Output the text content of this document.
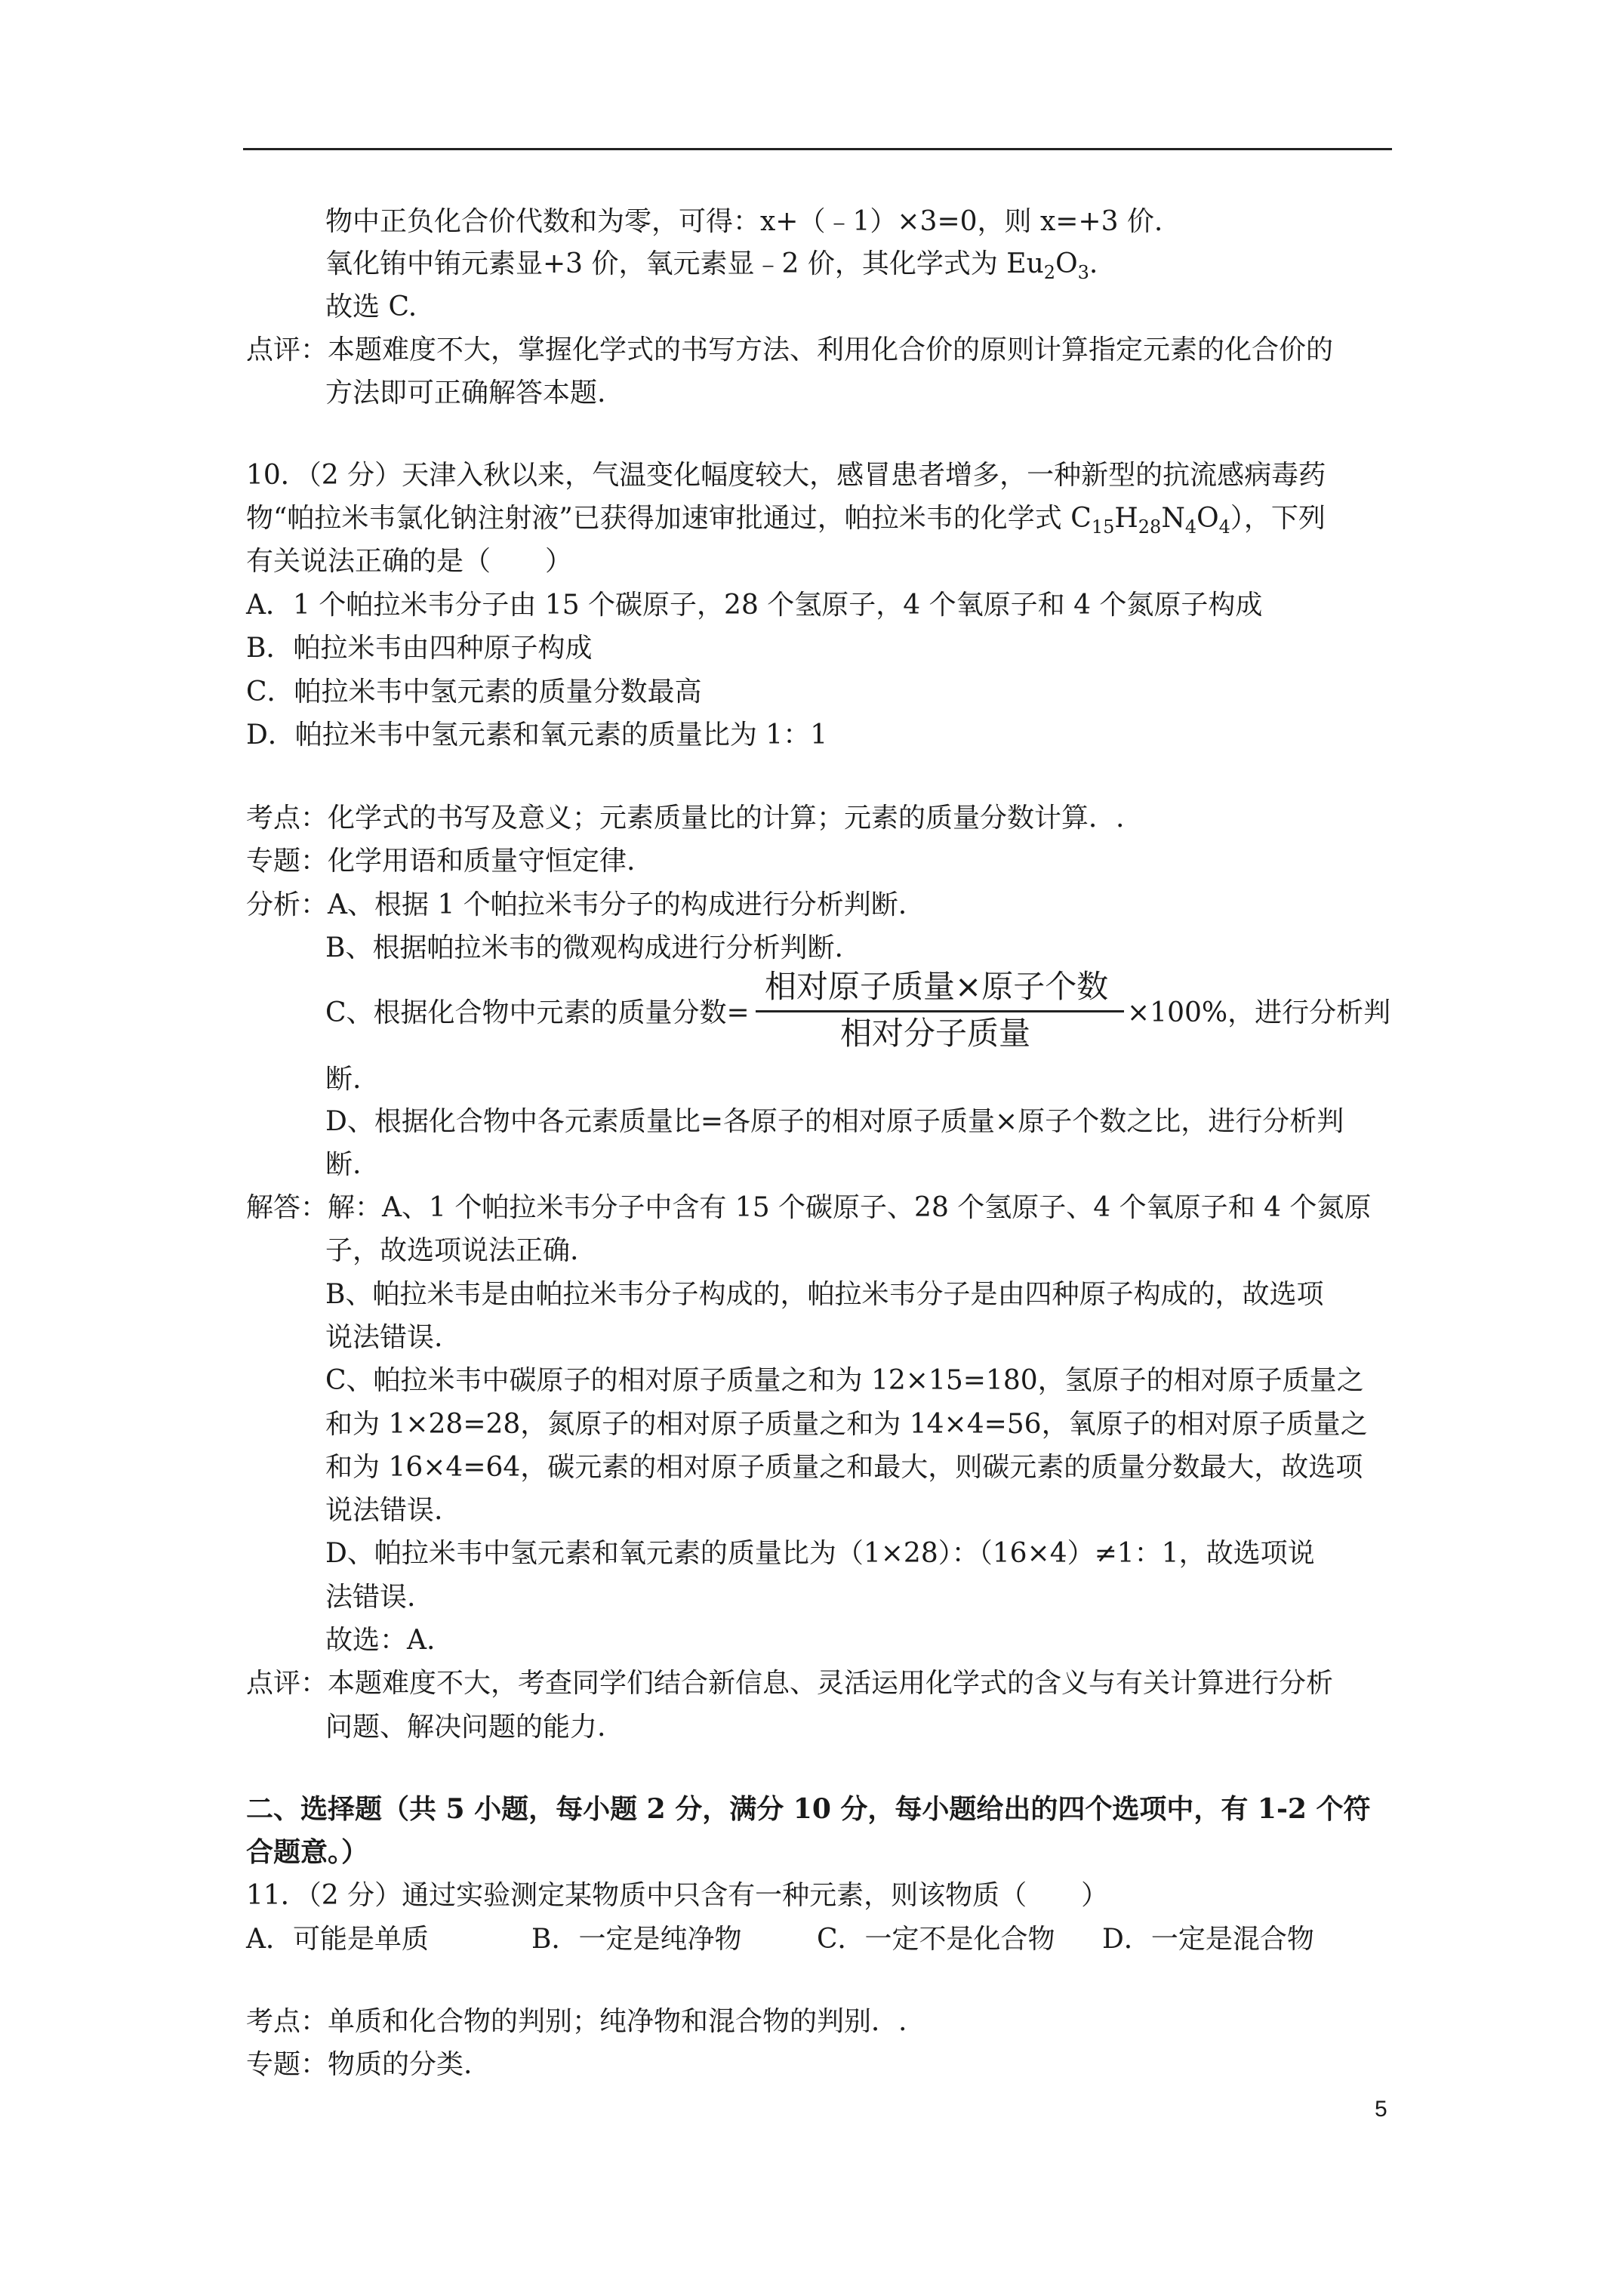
物中正负化合价代数和为零，可得：x+（﹣1）×3=0，则 x=+3 价.
氧化铕中铕元素显+3 价，氧元素显﹣2 价，其化学式为 $Eu_2O_3$.
故选 C.
点评：本题难度不大，掌握化学式的书写方法、利用化合价的原则计算指定元素的化合价的
方法即可正确解答本题.
10．（2 分）天津入秋以来，气温变化幅度较大，感冒患者增多，一种新型的抗流感病毒药
物“帕拉米韦氯化钠注射液”已获得加速审批通过，帕拉米韦的化学式 $C_{15}H_{28}N_4O_4$），下列
有关说法正确的是（　　）
A．1 个帕拉米韦分子由 15 个碳原子，28 个氢原子，4 个氧原子和 4 个氮原子构成
B．帕拉米韦由四种原子构成
C．帕拉米韦中氢元素的质量分数最高
D．帕拉米韦中氢元素和氧元素的质量比为 1：1
考点：化学式的书写及意义；元素质量比的计算；元素的质量分数计算．.
专题：化学用语和质量守恒定律.
分析：A、根据 1 个帕拉米韦分子的构成进行分析判断.
B、根据帕拉米韦的微观构成进行分析判断.
C、根据化合物中元素的质量分数=
相对原子质量×原子个数
相对分子质量
×100%，进行分析判
断.
D、根据化合物中各元素质量比=各原子的相对原子质量×原子个数之比，进行分析判
断.
解答：解：A、1 个帕拉米韦分子中含有 15 个碳原子、28 个氢原子、4 个氧原子和 4 个氮原
子，故选项说法正确.
B、帕拉米韦是由帕拉米韦分子构成的，帕拉米韦分子是由四种原子构成的，故选项
说法错误.
C、帕拉米韦中碳原子的相对原子质量之和为 12×15=180，氢原子的相对原子质量之
和为 1×28=28，氮原子的相对原子质量之和为 14×4=56，氧原子的相对原子质量之
和为 16×4=64，碳元素的相对原子质量之和最大，则碳元素的质量分数最大，故选项
说法错误.
D、帕拉米韦中氢元素和氧元素的质量比为（1×28）：（16×4）≠1：1，故选项说
法错误.
故选：A.
点评：本题难度不大，考查同学们结合新信息、灵活运用化学式的含义与有关计算进行分析
问题、解决问题的能力.
二、选择题（共 5 小题，每小题 2 分，满分 10 分，每小题给出的四个选项中，有 1-2 个符
合题意。）
11．（2 分）通过实验测定某物质中只含有一种元素，则该物质（　　）
A．可能是单质	B．一定是纯净物	C．一定不是化合物 D．一定是混合物
考点：单质和化合物的判别；纯净物和混合物的判别．.
专题：物质的分类.
5
